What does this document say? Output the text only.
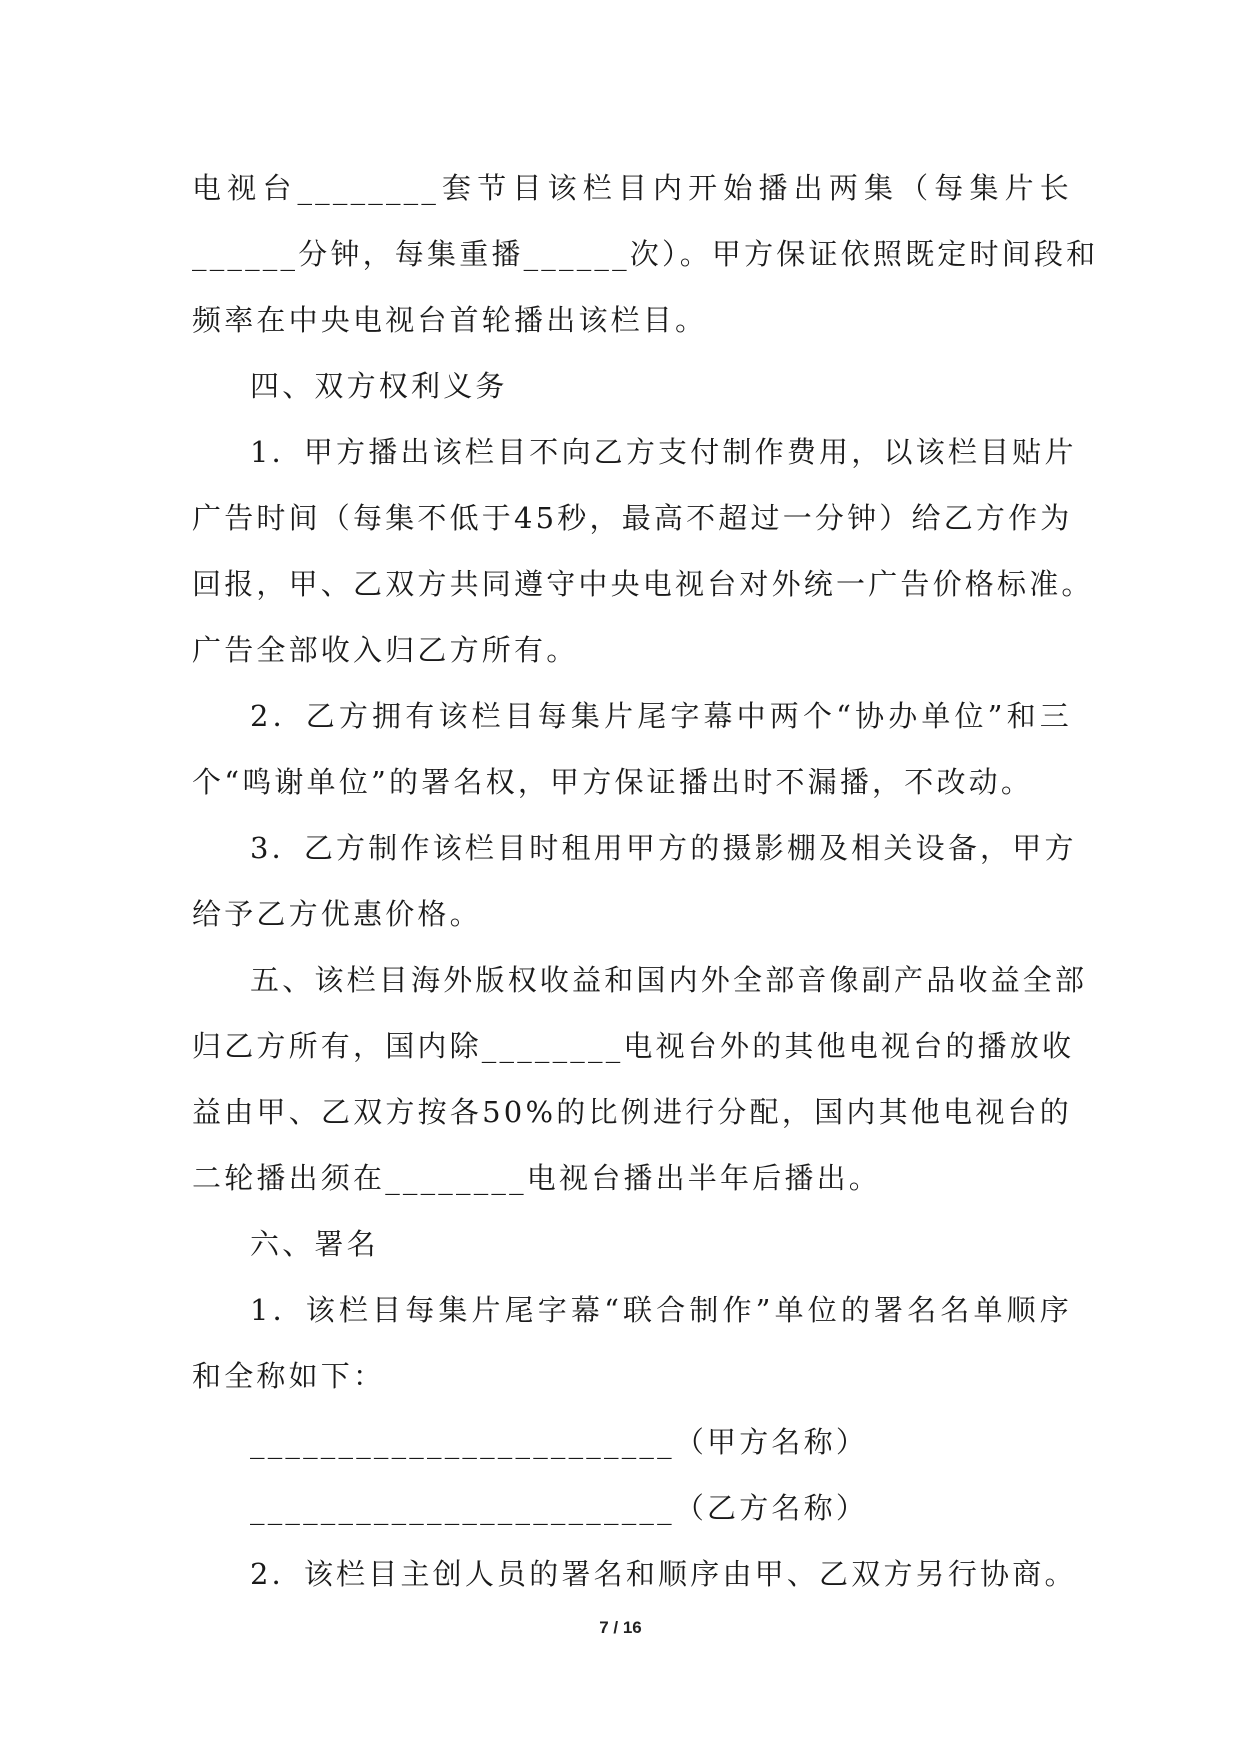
电视台________套节目该栏目内开始播出两集（每集片长
______分钟，每集重播______次）。甲方保证依照既定时间段和
频率在中央电视台首轮播出该栏目。
四、双方权利义务
1．甲方播出该栏目不向乙方支付制作费用，以该栏目贴片
广告时间（每集不低于45秒，最高不超过一分钟）给乙方作为
回报，甲、乙双方共同遵守中央电视台对外统一广告价格标准。
广告全部收入归乙方所有。
2．乙方拥有该栏目每集片尾字幕中两个“协办单位”和三
个“鸣谢单位”的署名权，甲方保证播出时不漏播，不改动。
3．乙方制作该栏目时租用甲方的摄影棚及相关设备，甲方
给予乙方优惠价格。
五、该栏目海外版权收益和国内外全部音像副产品收益全部
归乙方所有，国内除________电视台外的其他电视台的播放收
益由甲、乙双方按各50%的比例进行分配，国内其他电视台的
二轮播出须在________电视台播出半年后播出。
六、署名
1．该栏目每集片尾字幕“联合制作”单位的署名名单顺序
和全称如下：
________________________（甲方名称）
________________________（乙方名称）
2．该栏目主创人员的署名和顺序由甲、乙双方另行协商。
7 / 16
